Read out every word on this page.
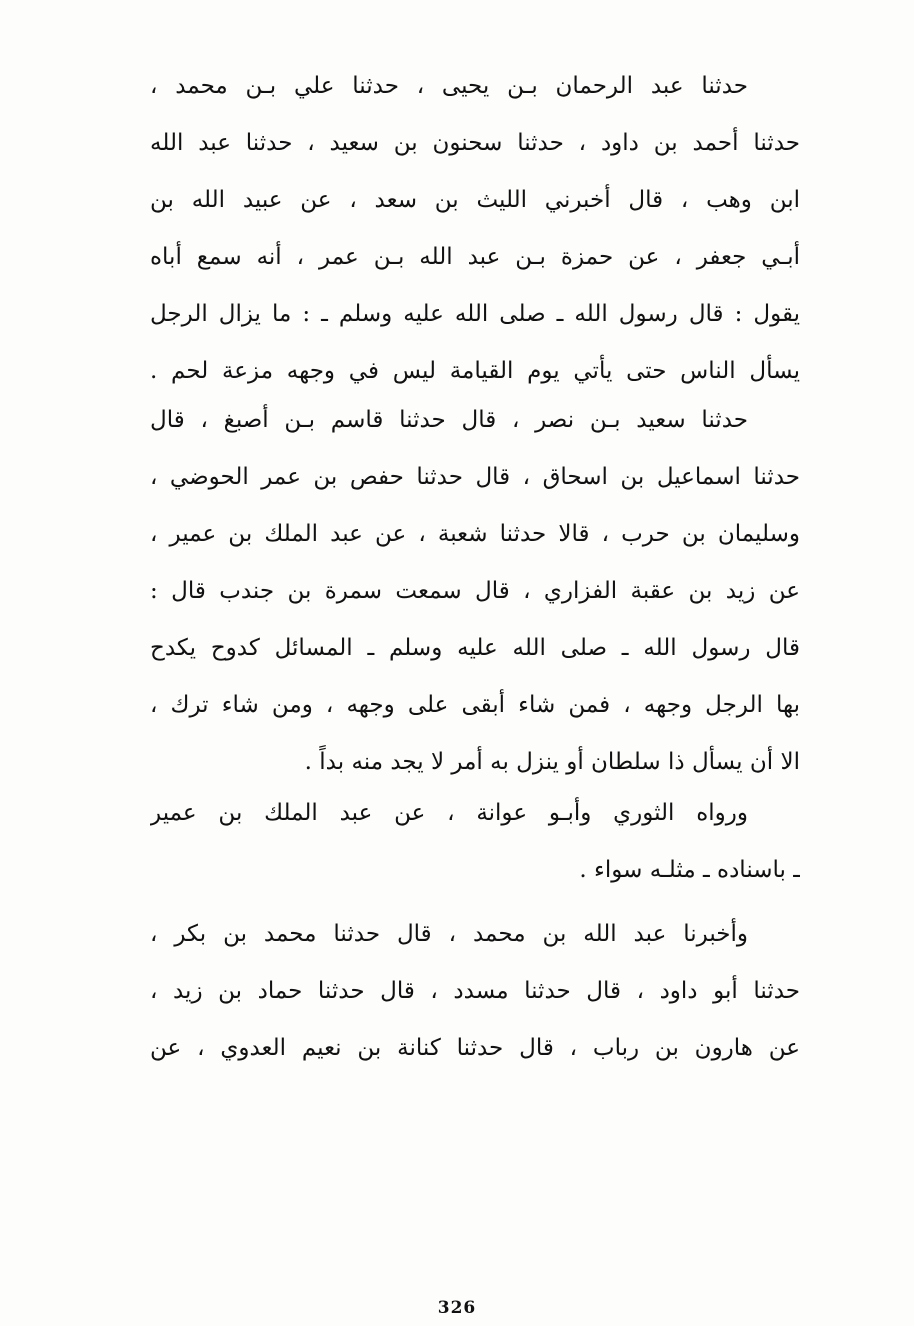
حدثنا عبد الرحمان بـن يحيى ، حدثنا علي بـن محمد ،
حدثنا أحمد بن داود ، حدثنا سحنون بن سعيد ، حدثنا عبد الله
ابن وهب ، قال أخبرني الليث بن سعد ، عن عبيد الله بن
أبـي جعفر ، عن حمزة بـن عبد الله بـن عمر ، أنه سمع أباه
يقول : قال رسول الله ـ صلى الله عليه وسلم ـ : ما يزال الرجل
يسأل الناس حتى يأتي يوم القيامة ليس في وجهه مزعة لحم .
حدثنا سعيد بـن نصر ، قال حدثنا قاسم بـن أصبغ ، قال
حدثنا اسماعيل بن اسحاق ، قال حدثنا حفص بن عمر الحوضي ،
وسليمان بن حرب ، قالا حدثنا شعبة ، عن عبد الملك بن عمير ،
عن زيد بن عقبة الفزاري ، قال سمعت سمرة بن جندب قال :
قال رسول الله ـ صلى الله عليه وسلم ـ المسائل كدوح يكدح
بها الرجل وجهه ، فمن شاء أبقى على وجهه ، ومن شاء ترك ،
الا أن يسأل ذا سلطان أو ينزل به أمر لا يجد منه بداً .
ورواه الثوري وأبـو عوانة ، عن عبد الملك بن عمير
ـ باسناده ـ مثلـه سواء .
وأخبرنا عبد الله بن محمد ، قال حدثنا محمد بن بكر ،
حدثنا أبو داود ، قال حدثنا مسدد ، قال حدثنا حماد بن زيد ،
عن هارون بن رباب ، قال حدثنا كنانة بن نعيم العدوي ، عن
326
